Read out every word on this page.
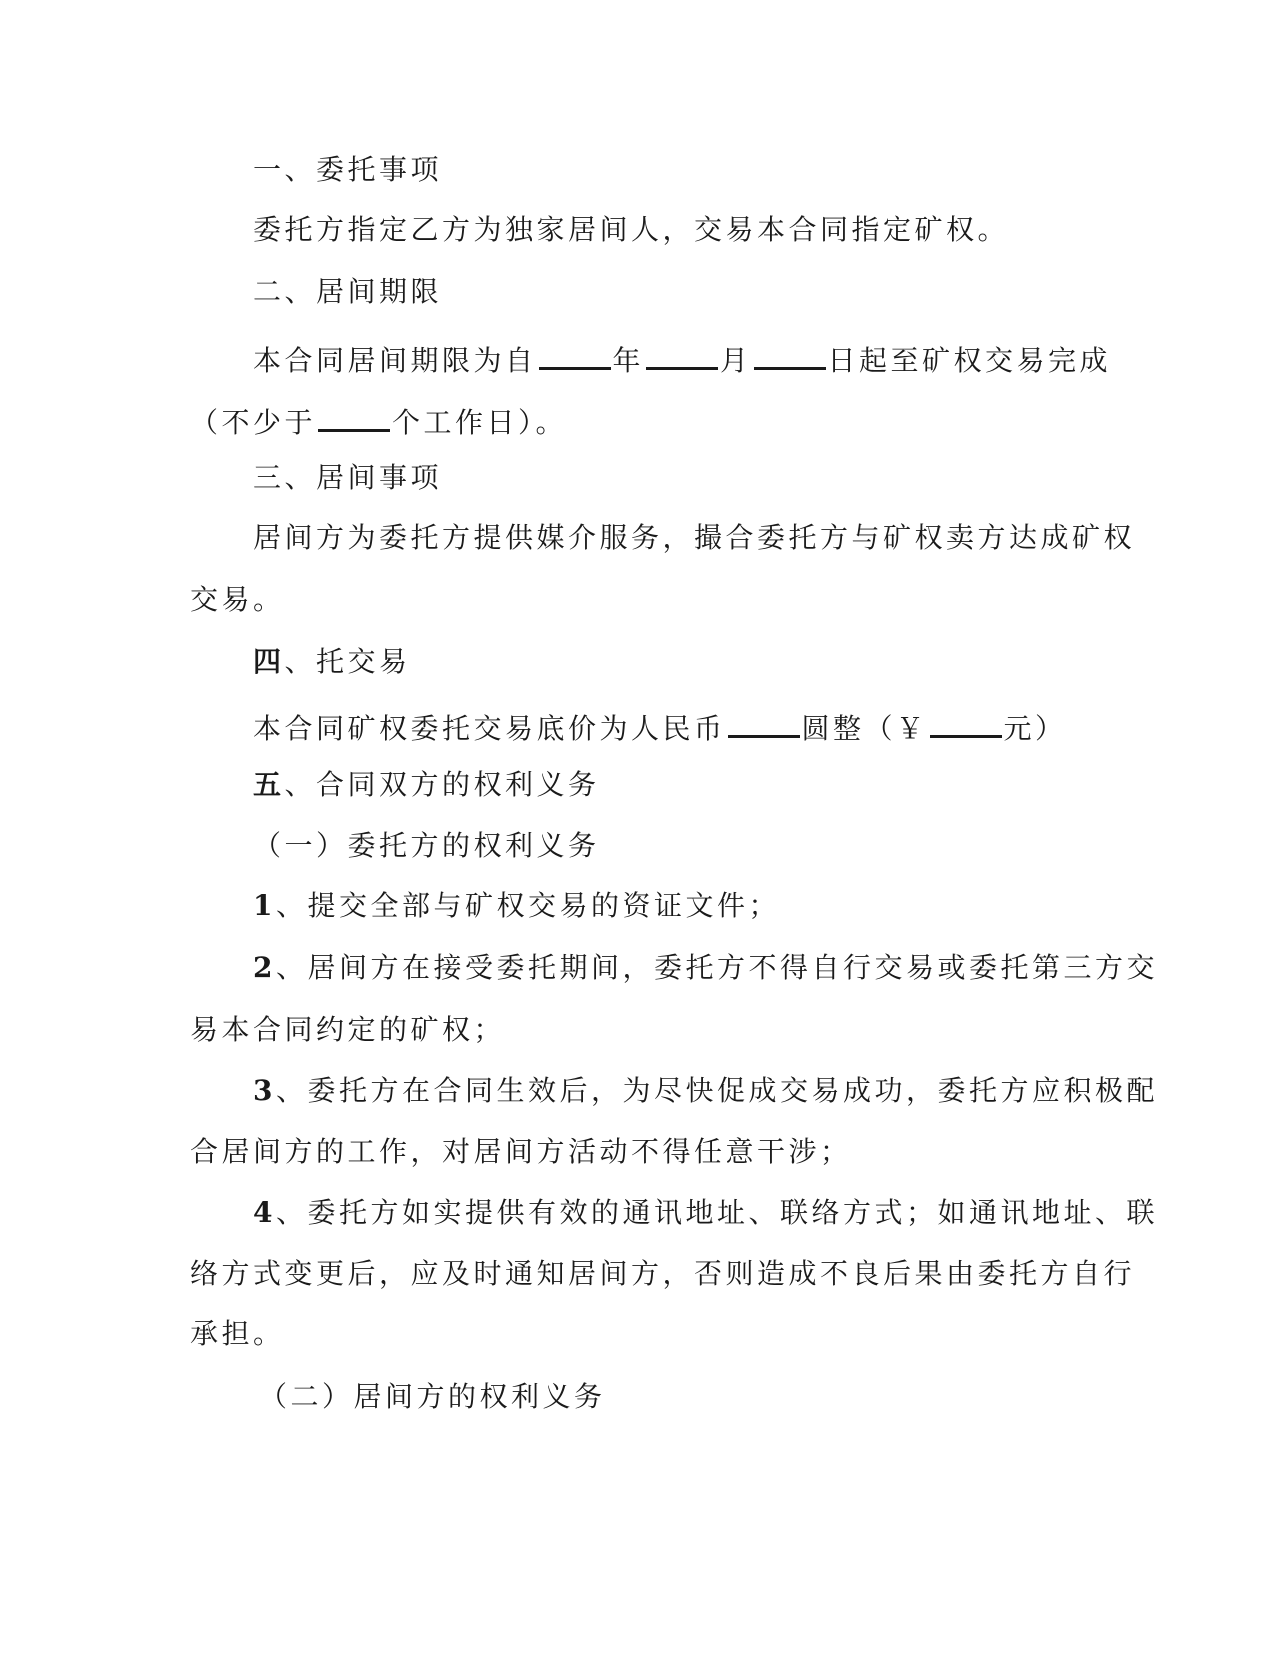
一、委托事项
委托方指定乙方为独家居间人，交易本合同指定矿权。
二、居间期限
本合同居间期限为自	年	月	日起至矿权交易完成
（不少于	个工作日）。
三、居间事项
居间方为委托方提供媒介服务，撮合委托方与矿权卖方达成矿权
交易。
四、托交易
本合同矿权委托交易底价为人民币	圆整（￥	元）
五、合同双方的权利义务
（一）委托方的权利义务
1、提交全部与矿权交易的资证文件；
2、居间方在接受委托期间，委托方不得自行交易或委托第三方交
易本合同约定的矿权；
3、委托方在合同生效后，为尽快促成交易成功，委托方应积极配
合居间方的工作，对居间方活动不得任意干涉；
4、委托方如实提供有效的通讯地址、联络方式；如通讯地址、联
络方式变更后，应及时通知居间方，否则造成不良后果由委托方自行
承担。
（二）居间方的权利义务
